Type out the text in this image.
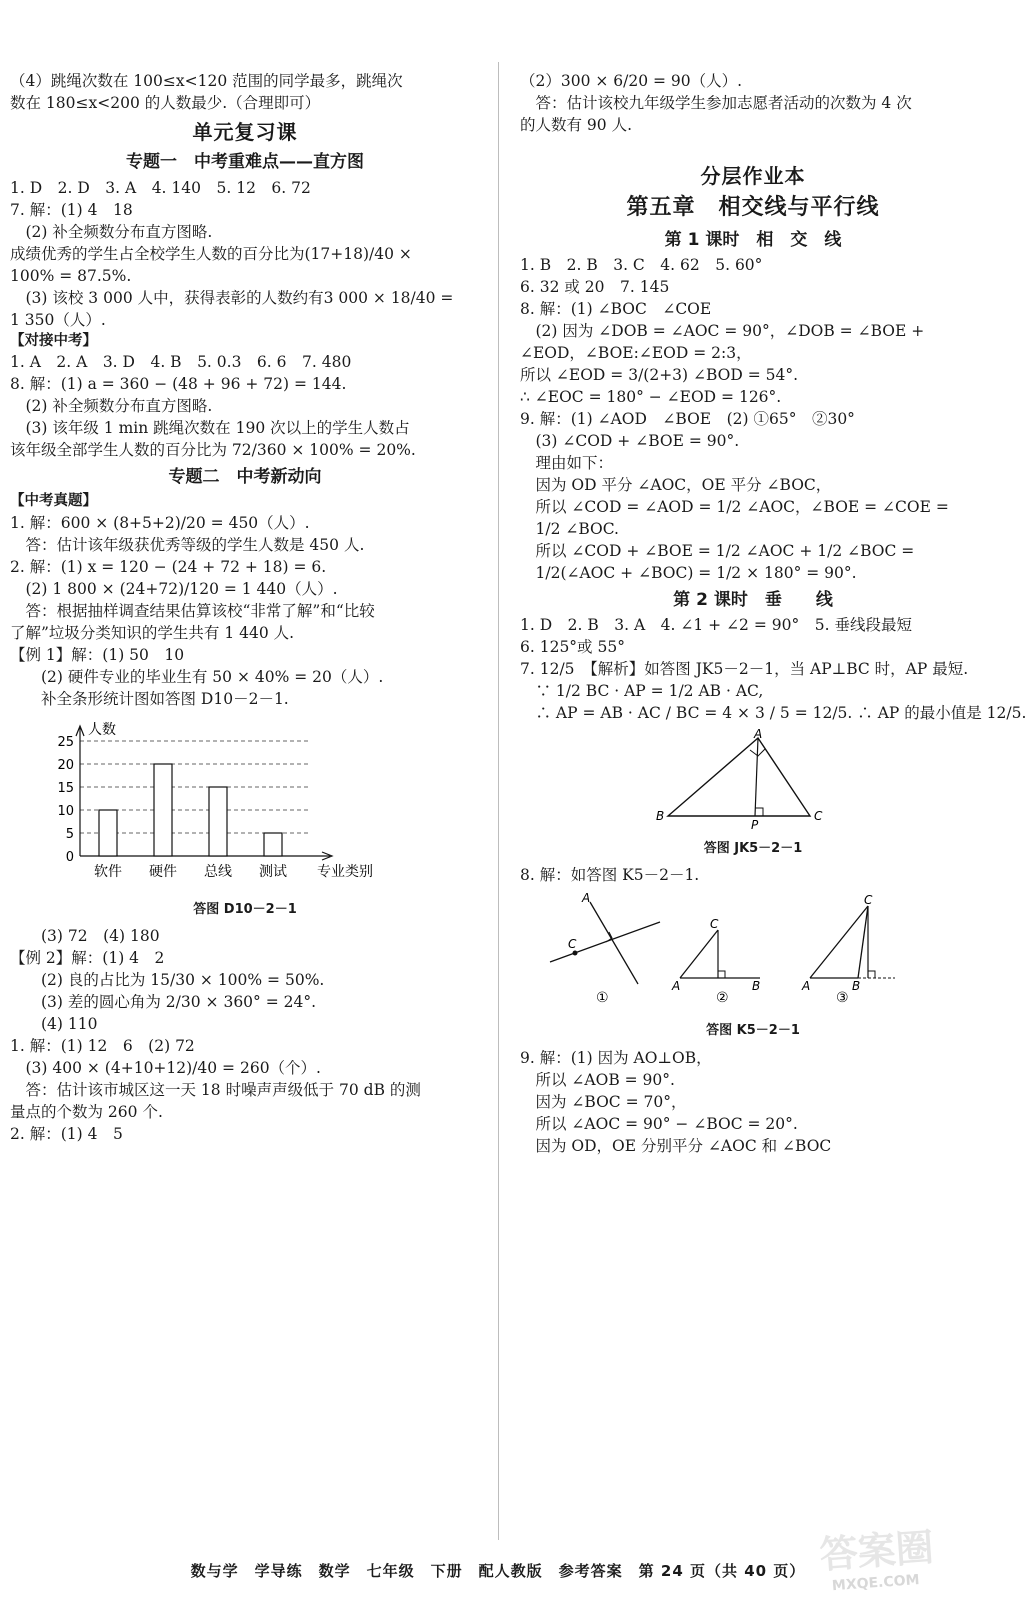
（4）跳绳次数在 100≤x<120 范围的同学最多，跳绳次
数在 180≤x<200 的人数最少.（合理即可）
单元复习课
专题一　中考重难点——直方图
1. D　2. D　3. A　4. 140　5. 12　6. 72
7. 解：(1) 4　18
　(2) 补全频数分布直方图略.
成绩优秀的学生占全校学生人数的百分比为(17+18)/40 ×
100% = 87.5%.
　(3) 该校 3 000 人中，获得表彰的人数约有3 000 × 18/40 =
1 350（人）.
【对接中考】
1. A　2. A　3. D　4. B　5. 0.3　6. 6　7. 480
8. 解：(1) a = 360 − (48 + 96 + 72) = 144.
　(2) 补全频数分布直方图略.
　(3) 该年级 1 min 跳绳次数在 190 次以上的学生人数占
该年级全部学生人数的百分比为 72/360 × 100% = 20%.
专题二　中考新动向
【中考真题】
1. 解：600 × (8+5+2)/20 = 450（人）.
　答：估计该年级获优秀等级的学生人数是 450 人.
2. 解：(1) x = 120 − (24 + 72 + 18) = 6.
　(2) 1 800 × (24+72)/120 = 1 440（人）.
　答：根据抽样调查结果估算该校“非常了解”和“比较
了解”垃圾分类知识的学生共有 1 440 人.
【例 1】解：(1) 50　10
　　(2) 硬件专业的毕业生有 50 × 40% = 20（人）.
　　补全条形统计图如答图 D10－2－1.
0
5
10
15
20
25
人数
软件 硬件 总线 测试 专业类别
答图 D10－2－1
　　(3) 72　(4) 180
【例 2】解：(1) 4　2
　　(2) 良的占比为 15/30 × 100% = 50%.
　　(3) 差的圆心角为 2/30 × 360° = 24°.
　　(4) 110
1. 解：(1) 12　6　(2) 72
　(3) 400 × (4+10+12)/40 = 260（个）.
　答：估计该市城区这一天 18 时噪声声级低于 70 dB 的测
量点的个数为 260 个.
2. 解：(1) 4　5
（2）300 × 6/20 = 90（人）.
　答：估计该校九年级学生参加志愿者活动的次数为 4 次
的人数有 90 人.
分层作业本
第五章　相交线与平行线
第 1 课时　相　交　线
1. B　2. B　3. C　4. 62　5. 60°
6. 32 或 20　7. 145
8. 解：(1) ∠BOC　∠COE
　(2) 因为 ∠DOB = ∠AOC = 90°，∠DOB = ∠BOE +
∠EOD，∠BOE:∠EOD = 2:3，
所以 ∠EOD = 3/(2+3) ∠BOD = 54°.
∴ ∠EOC = 180° − ∠EOD = 126°.
9. 解：(1) ∠AOD　∠BOE　(2) ①65°　②30°
　(3) ∠COD + ∠BOE = 90°.
　理由如下：
　因为 OD 平分 ∠AOC，OE 平分 ∠BOC，
　所以 ∠COD = ∠AOD = 1/2 ∠AOC，∠BOE = ∠COE =
　1/2 ∠BOC.
　所以 ∠COD + ∠BOE = 1/2 ∠AOC + 1/2 ∠BOC =
　1/2(∠AOC + ∠BOC) = 1/2 × 180° = 90°.
第 2 课时　垂　　线
1. D　2. B　3. A　4. ∠1 + ∠2 = 90°　5. 垂线段最短
6. 125°或 55°
7. 12/5　【解析】如答图 JK5－2－1，当 AP⊥BC 时，AP 最短.
　∵ 1/2 BC · AP = 1/2 AB · AC,
　∴ AP = AB · AC / BC = 4 × 3 / 5 = 12/5. ∴ AP 的最小值是 12/5.
A
B	C
P
答图 JK5－2－1
8. 解：如答图 K5－2－1.
A
C
①
A	B
C
②
A	B
C
③
答图 K5－2－1
9. 解：(1) 因为 AO⊥OB，
　所以 ∠AOB = 90°.
　因为 ∠BOC = 70°，
　所以 ∠AOC = 90° − ∠BOC = 20°.
　因为 OD，OE 分别平分 ∠AOC 和 ∠BOC
数与学　学导练　数学　七年级　下册　配人教版　参考答案　第 24 页（共 40 页） 答案圈
MXQE.COM
